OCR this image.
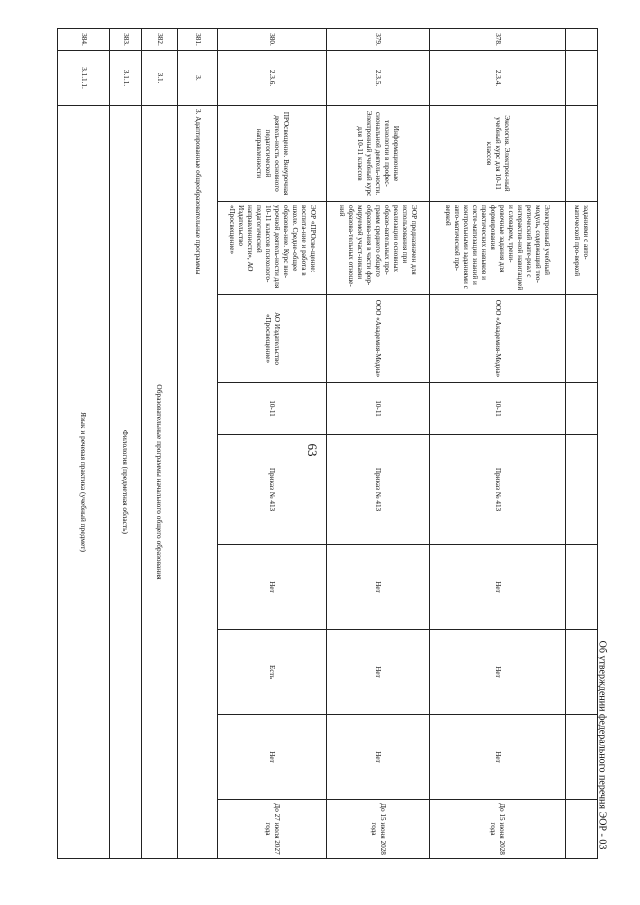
63
			заданиями с авто-матической про-веркой							
378.	2.3.4.	Экология. Электрон-ный учебный курс для 10-11 классов	Электронный учебный модуль, содержащий тео-ретический мате-риал с интерактив-ной навигацией и словарем, трени-ровочные задания для формирования практических навыков и систе-матизации знаний и контрольными заданиями с авто-матической про-веркой	ООО «Академия-Медиа»	10-11	Приказ № 413	Нет	Нет	Нет	До 15 июня 2028 года
379.	2.3.5.	Информационные технологии в профес-сиональной деятель-ности. Электронный учебный курс для 10-11 классов	ЭОР предназначен для использования при реализации основных образо-вательных про-грамм среднего общего образова-ния в части фор-мируемой участ-никами образова-тельных отноше-ний	ООО «Академия-Медиа»	10-11	Приказ № 413	Нет	Нет	Нет	До 15 июня 2028 года
380.	2.3.6.	ПРОсвещение. Внеурочная деятель-ность основного педагогической направленности	ЭОР «ПРОсве-щение: воспита-ние и работа в школе. Средне-общее образова-ние. Курс вне-урочной деятель-ности для 10-11 классов психолого-педагогической направленности», АО Издательство «Просвещение»	АО Издательство «Просвещение»	10-11	Приказ № 413	Нет	Есть	Нет	До 27 июля 2027 года
381.	3.	3. Адаптированные общеобразовательные программы								
382.	3.1.	Образовательные программы начального общего образования								
383.	3.1.1.	Филология (предметная область)								
384.	3.1.1.1.	Язык и речевая практика (учебный предмет)								
Об утверждении федерального перечня ЭОР - 03
